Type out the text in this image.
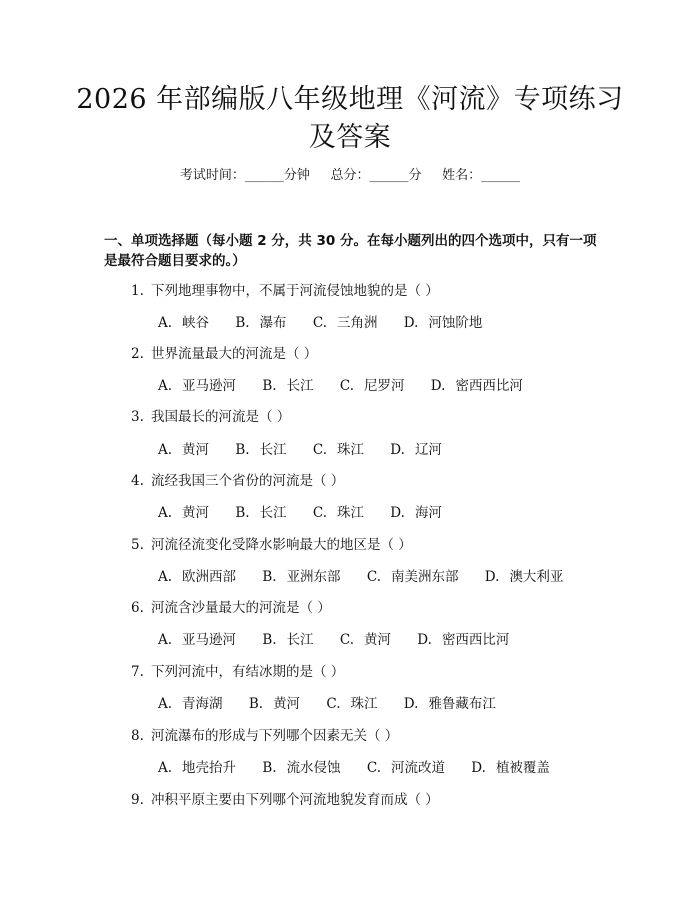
2026 年部编版八年级地理《河流》专项练习
及答案
考试时间：______分钟     总分：______分     姓名：______
一、单项选择题（每小题 2 分，共 30 分。在每小题列出的四个选项中，只有一项
是最符合题目要求的。）
1. 下列地理事物中，不属于河流侵蚀地貌的是（ ）
A. 峡谷 B. 瀑布 C. 三角洲 D. 河蚀阶地
2. 世界流量最大的河流是（ ）
A. 亚马逊河 B. 长江 C. 尼罗河 D. 密西西比河
3. 我国最长的河流是（ ）
A. 黄河 B. 长江 C. 珠江 D. 辽河
4. 流经我国三个省份的河流是（ ）
A. 黄河 B. 长江 C. 珠江 D. 海河
5. 河流径流变化受降水影响最大的地区是（ ）
A. 欧洲西部 B. 亚洲东部 C. 南美洲东部 D. 澳大利亚
6. 河流含沙量最大的河流是（ ）
A. 亚马逊河 B. 长江 C. 黄河 D. 密西西比河
7. 下列河流中，有结冰期的是（ ）
A. 青海湖 B. 黄河 C. 珠江 D. 雅鲁藏布江
8. 河流瀑布的形成与下列哪个因素无关（ ）
A. 地壳抬升 B. 流水侵蚀 C. 河流改道 D. 植被覆盖
9. 冲积平原主要由下列哪个河流地貌发育而成（ ）
